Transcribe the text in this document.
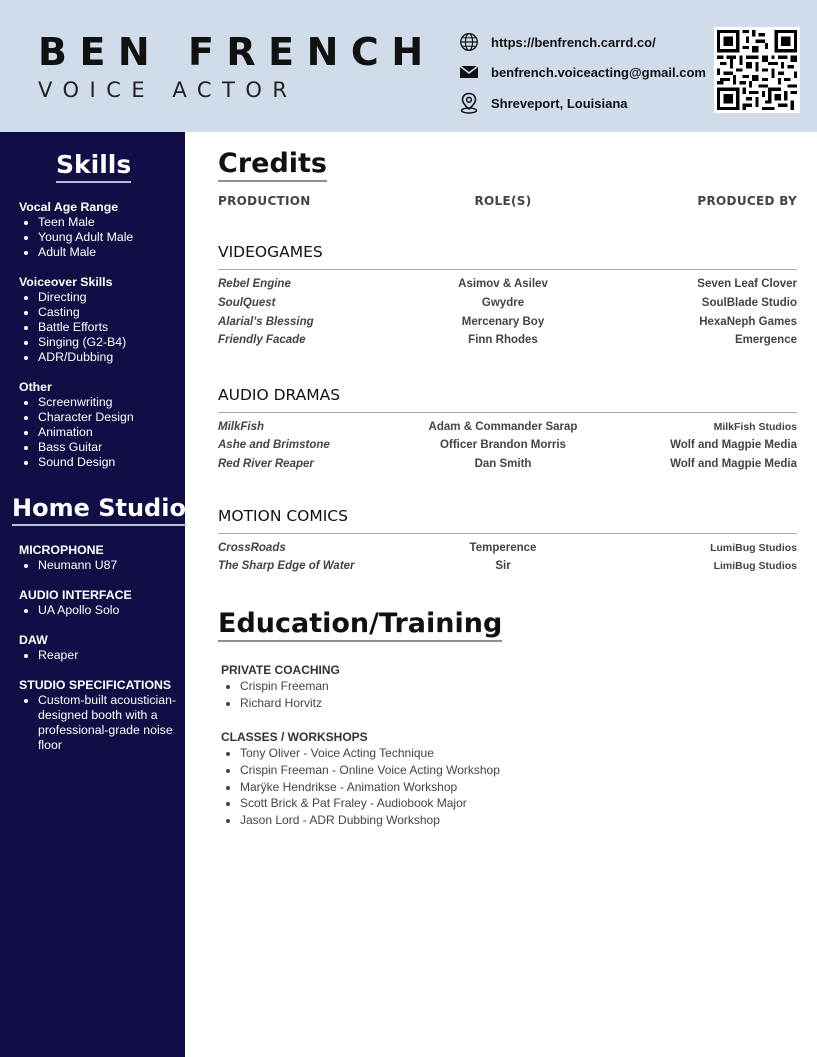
BEN FRENCH
VOICE ACTOR
https://benfrench.carrd.co/
benfrench.voiceacting@gmail.com
Shreveport, Louisiana
Skills
Vocal Age Range
• Teen Male
• Young Adult Male
• Adult Male
Voiceover Skills
• Directing
• Casting
• Battle Efforts
• Singing (G2-B4)
• ADR/Dubbing
Other
• Screenwriting
• Character Design
• Animation
• Bass Guitar
• Sound Design
Home Studio
MICROPHONE
• Neumann U87
AUDIO INTERFACE
• UA Apollo Solo
DAW
• Reaper
STUDIO SPECIFICATIONS
• Custom-built acoustician-designed booth with a professional-grade noise floor
Credits
PRODUCTION	ROLE(S)	PRODUCED BY
VIDEOGAMES
Rebel Engine	Asimov & Asilev	Seven Leaf Clover
SoulQuest	Gwydre	SoulBlade Studio
Alarial’s Blessing	Mercenary Boy	HexaNeph Games
Friendly Facade	Finn Rhodes	Emergence
AUDIO DRAMAS
MilkFish	Adam & Commander Sarap	MilkFish Studios
Ashe and Brimstone	Officer Brandon Morris	Wolf and Magpie Media
Red River Reaper	Dan Smith	Wolf and Magpie Media
MOTION COMICS
CrossRoads	Temperence	LumiBug Studios
The Sharp Edge of Water	Sir	LimiBug Studios
Education/Training
PRIVATE COACHING
• Crispin Freeman
• Richard Horvitz
CLASSES / WORKSHOPS
• Tony Oliver - Voice Acting Technique
• Crispin Freeman - Online Voice Acting Workshop
• Marÿke Hendrikse - Animation Workshop
• Scott Brick & Pat Fraley - Audiobook Major
• Jason Lord - ADR Dubbing Workshop
